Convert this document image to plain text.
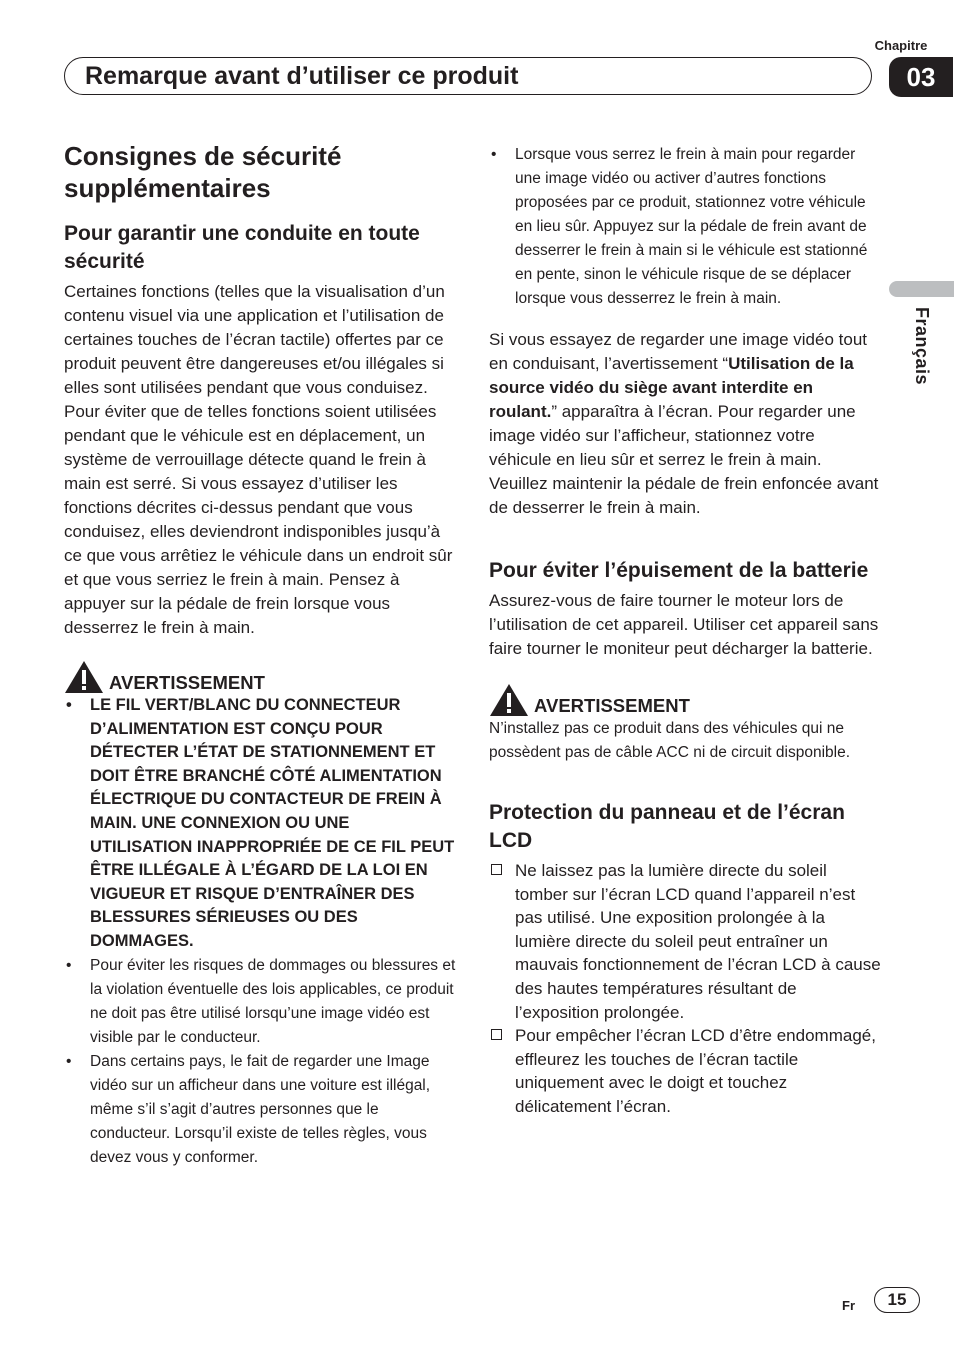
Chapitre
Remarque avant d’utiliser ce produit	03
Français
Consignes de sécurité supplémentaires
Pour garantir une conduite en toute sécurité

Certaines fonctions (telles que la visualisation d’un contenu visuel via une application et l’utilisation de certaines touches de l’écran tactile) offertes par ce produit peuvent être dangereuses et/ou illégales si elles sont utilisées pendant que vous conduisez. Pour éviter que de telles fonctions soient utilisées pendant que le véhicule est en déplacement, un système de verrouillage détecte quand le frein à main est serré. Si vous essayez d’utiliser les fonctions décrites ci-dessus pendant que vous conduisez, elles deviendront indisponibles jusqu’à ce que vous arrêtiez le véhicule dans un endroit sûr et que vous serriez le frein à main. Pensez à appuyer sur la pédale de frein lorsque vous desserrez le frein à main.

AVERTISSEMENT
• LE FIL VERT/BLANC DU CONNECTEUR D’ALIMENTATION EST CONÇU POUR DÉTECTER L’ÉTAT DE STATIONNEMENT ET DOIT ÊTRE BRANCHÉ CÔTÉ ALIMENTATION ÉLECTRIQUE DU CONTACTEUR DE FREIN À MAIN. UNE CONNEXION OU UNE UTILISATION INAPPROPRIÉE DE CE FIL PEUT ÊTRE ILLÉGALE À L’ÉGARD DE LA LOI EN VIGUEUR ET RISQUE D’ENTRAÎNER DES BLESSURES SÉRIEUSES OU DES DOMMAGES.
• Pour éviter les risques de dommages ou blessures et la violation éventuelle des lois applicables, ce produit ne doit pas être utilisé lorsqu’une image vidéo est visible par le conducteur.
• Dans certains pays, le fait de regarder une Image vidéo sur un afficheur dans une voiture est illégal, même s’il s’agit d’autres personnes que le conducteur. Lorsqu’il existe de telles règles, vous devez vous y conformer.
• Lorsque vous serrez le frein à main pour regarder une image vidéo ou activer d’autres fonctions proposées par ce produit, stationnez votre véhicule en lieu sûr. Appuyez sur la pédale de frein avant de desserrer le frein à main si le véhicule est stationné en pente, sinon le véhicule risque de se déplacer lorsque vous desserrez le frein à main.

Si vous essayez de regarder une image vidéo tout en conduisant, l’avertissement “Utilisation de la source vidéo du siège avant interdite en roulant.” apparaîtra à l’écran. Pour regarder une image vidéo sur l’afficheur, stationnez votre véhicule en lieu sûr et serrez le frein à main. Veuillez maintenir la pédale de frein enfoncée avant de desserrer le frein à main.

Pour éviter l’épuisement de la batterie

Assurez-vous de faire tourner le moteur lors de l’utilisation de cet appareil. Utiliser cet appareil sans faire tourner le moniteur peut décharger la batterie.

AVERTISSEMENT

N’installez pas ce produit dans des véhicules qui ne possèdent pas de câble ACC ni de circuit disponible.

Protection du panneau et de l’écran LCD
Ne laissez pas la lumière directe du soleil tomber sur l’écran LCD quand l’appareil n’est pas utilisé. Une exposition prolongée à la lumière directe du soleil peut entraîner un mauvais fonctionnement de l’écran LCD à cause des hautes températures résultant de l’exposition prolongée.
Pour empêcher l’écran LCD d’être endommagé, effleurez les touches de l’écran tactile uniquement avec le doigt et touchez délicatement l’écran.
Fr	15
